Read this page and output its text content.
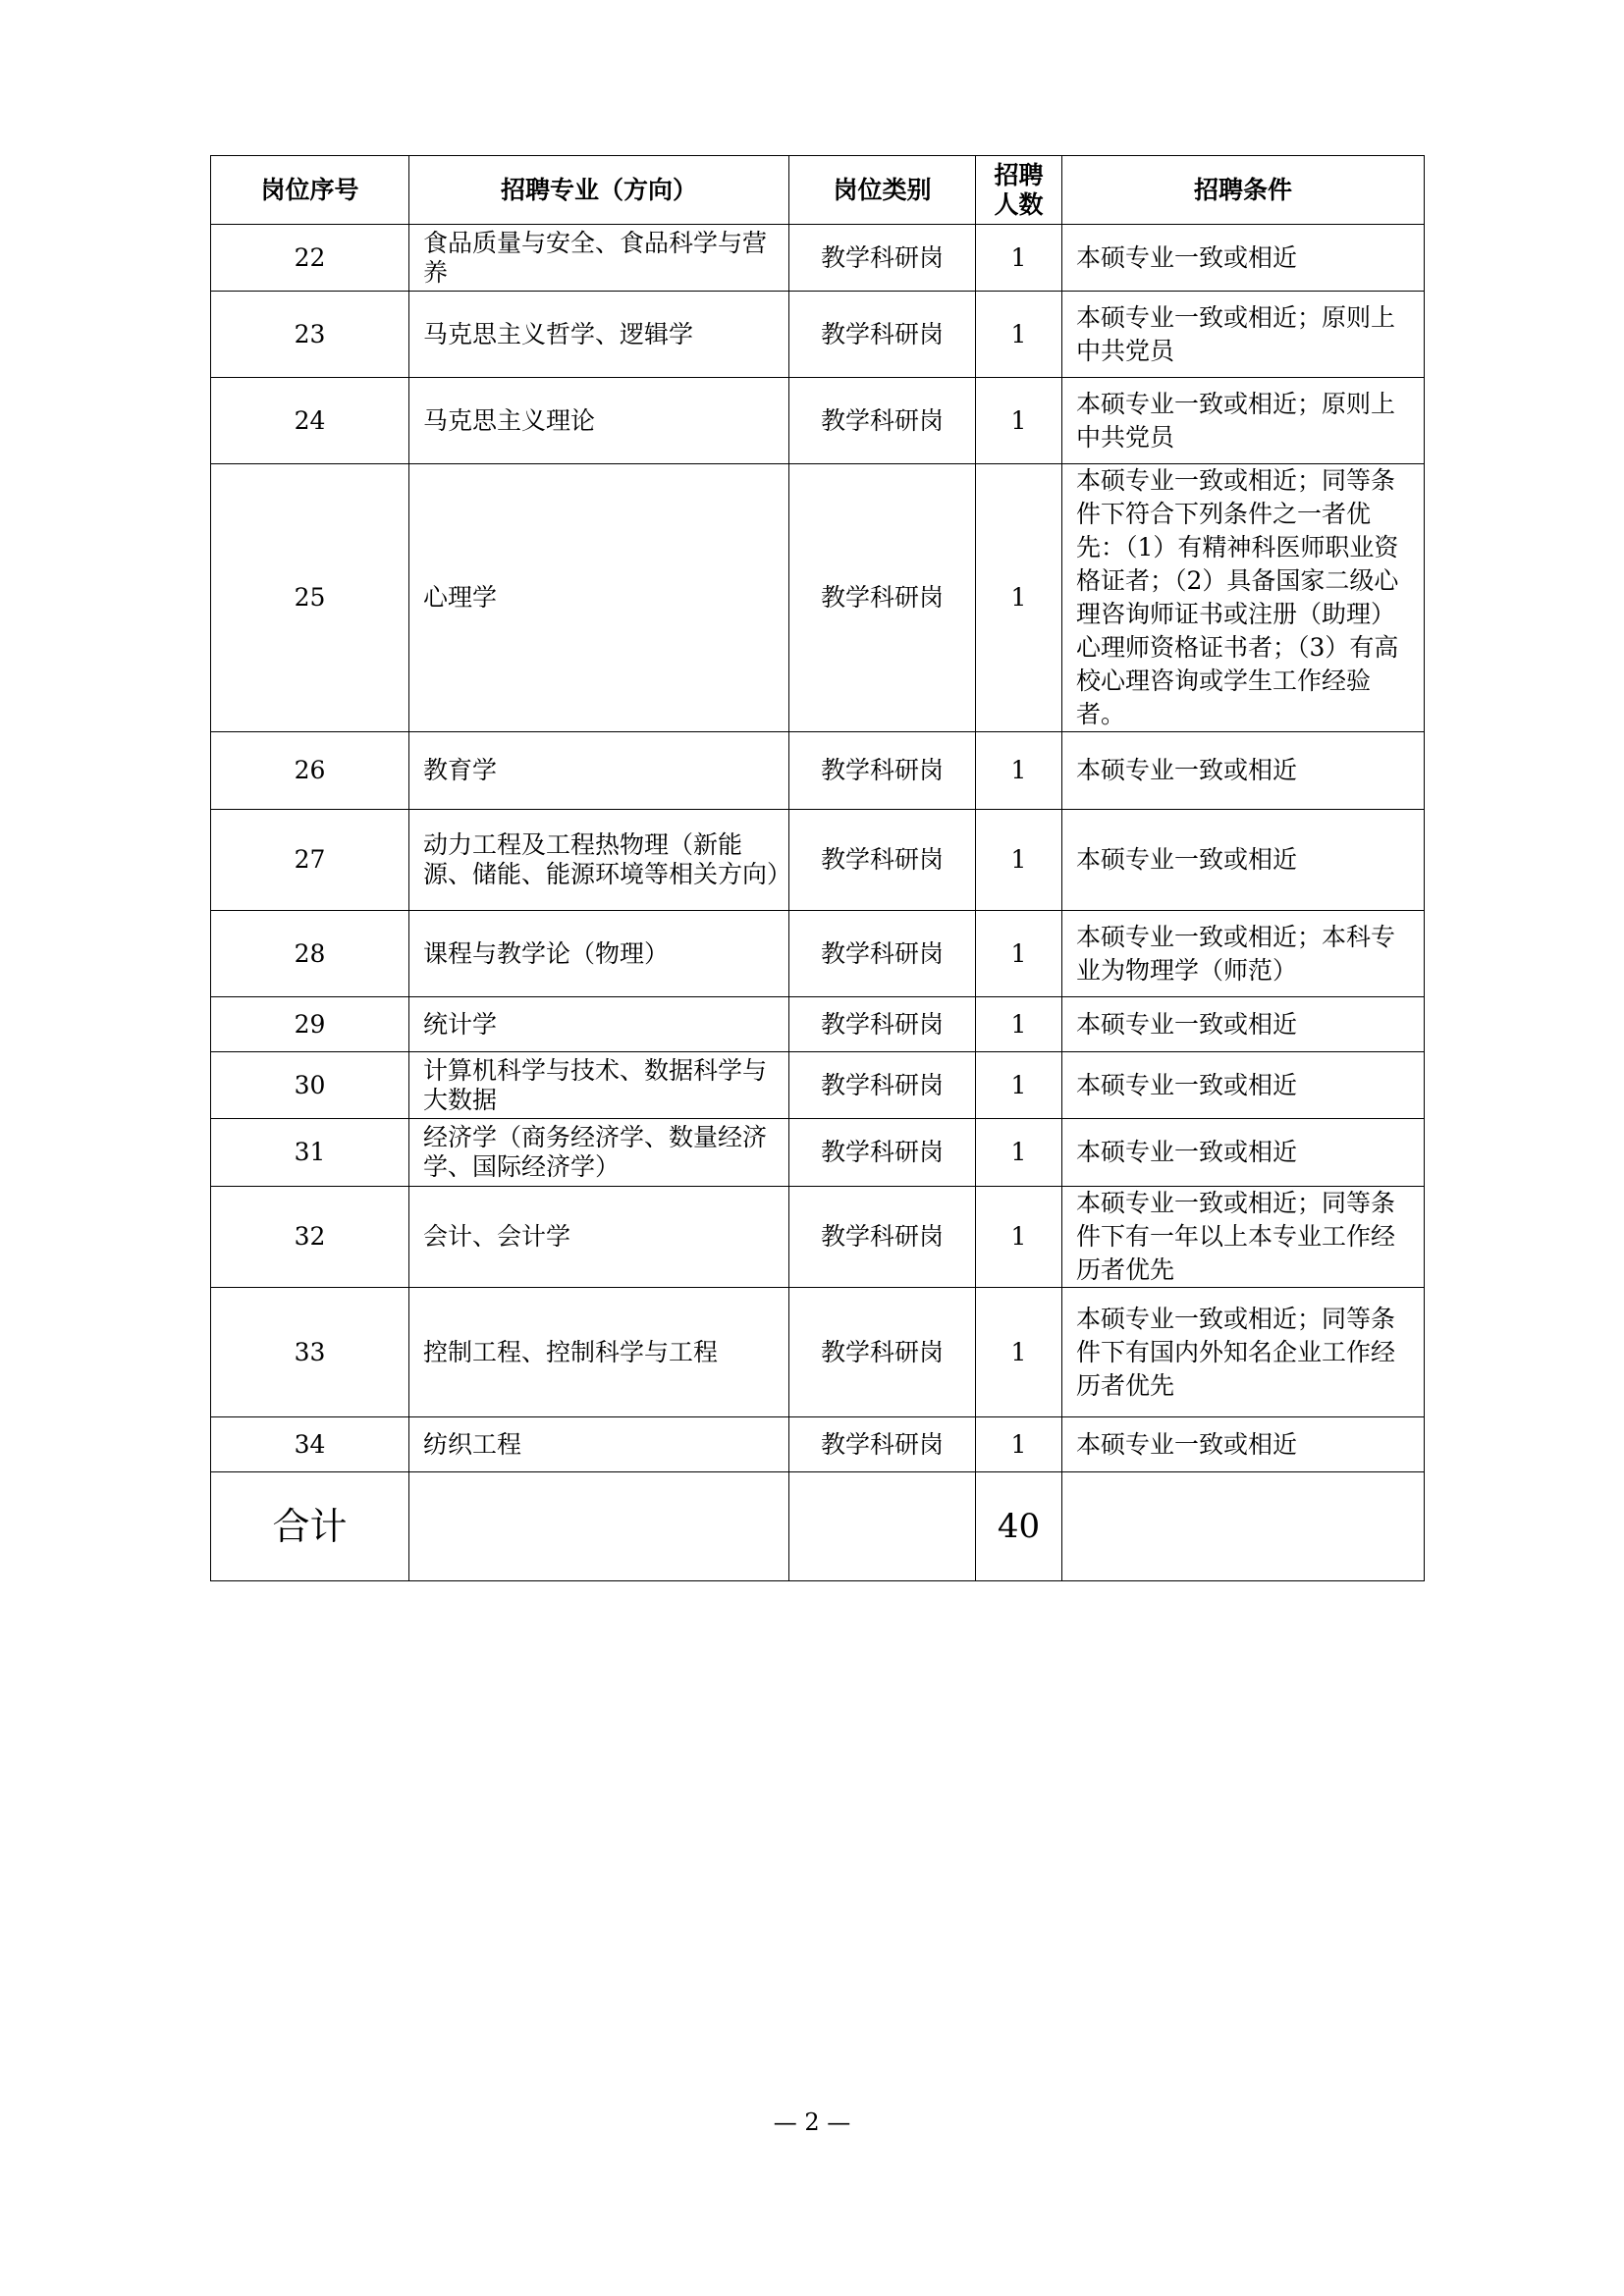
岗位序号	招聘专业（方向）	岗位类别	招聘人数	招聘条件
22	食品质量与安全、食品科学与营养	教学科研岗	1	本硕专业一致或相近
23	马克思主义哲学、逻辑学	教学科研岗	1	本硕专业一致或相近；原则上中共党员
24	马克思主义理论	教学科研岗	1	本硕专业一致或相近；原则上中共党员
25	心理学	教学科研岗	1	本硕专业一致或相近；同等条件下符合下列条件之一者优先：（1）有精神科医师职业资格证者；（2）具备国家二级心理咨询师证书或注册（助理）心理师资格证书者；（3）有高校心理咨询或学生工作经验者。
26	教育学	教学科研岗	1	本硕专业一致或相近
27	动力工程及工程热物理（新能源、储能、能源环境等相关方向）	教学科研岗	1	本硕专业一致或相近
28	课程与教学论（物理）	教学科研岗	1	本硕专业一致或相近；本科专业为物理学（师范）
29	统计学	教学科研岗	1	本硕专业一致或相近
30	计算机科学与技术、数据科学与大数据	教学科研岗	1	本硕专业一致或相近
31	经济学（商务经济学、数量经济学、国际经济学）	教学科研岗	1	本硕专业一致或相近
32	会计、会计学	教学科研岗	1	本硕专业一致或相近；同等条件下有一年以上本专业工作经历者优先
33	控制工程、控制科学与工程	教学科研岗	1	本硕专业一致或相近；同等条件下有国内外知名企业工作经历者优先
34	纺织工程	教学科研岗	1	本硕专业一致或相近
合计			40	
— 2 —
